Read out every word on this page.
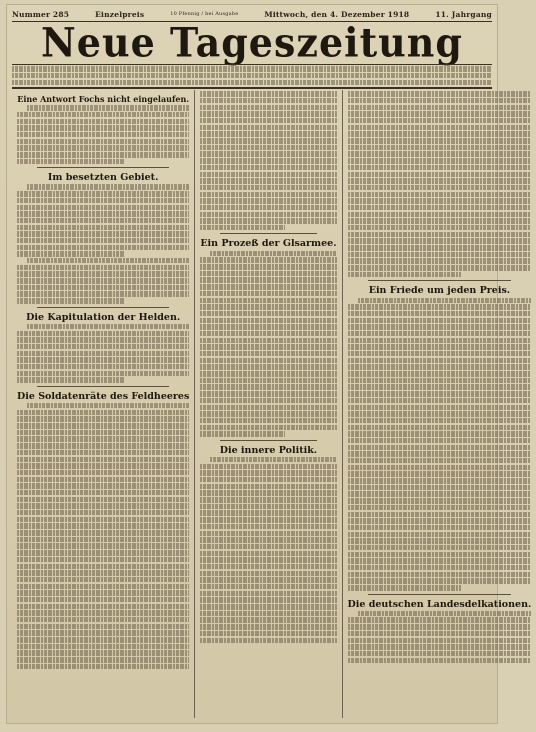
Nummer 285	Einzelpreis	10 Pfennig / bei Ausgabe	Mittwoch, den 4. Dezember 1918	11. Jahrgang
Neue Tageszeitung
Eine Antwort Fochs nicht eingelaufen.
Im besetzten Gebiet.
Die Kapitulation der Helden.
Die Soldatenräte des Feldheeres
Ein Prozeß der Glsarmee.
Die innere Politik.
Ein Friede um jeden Preis.
Die deutschen Landesdelkationen.
